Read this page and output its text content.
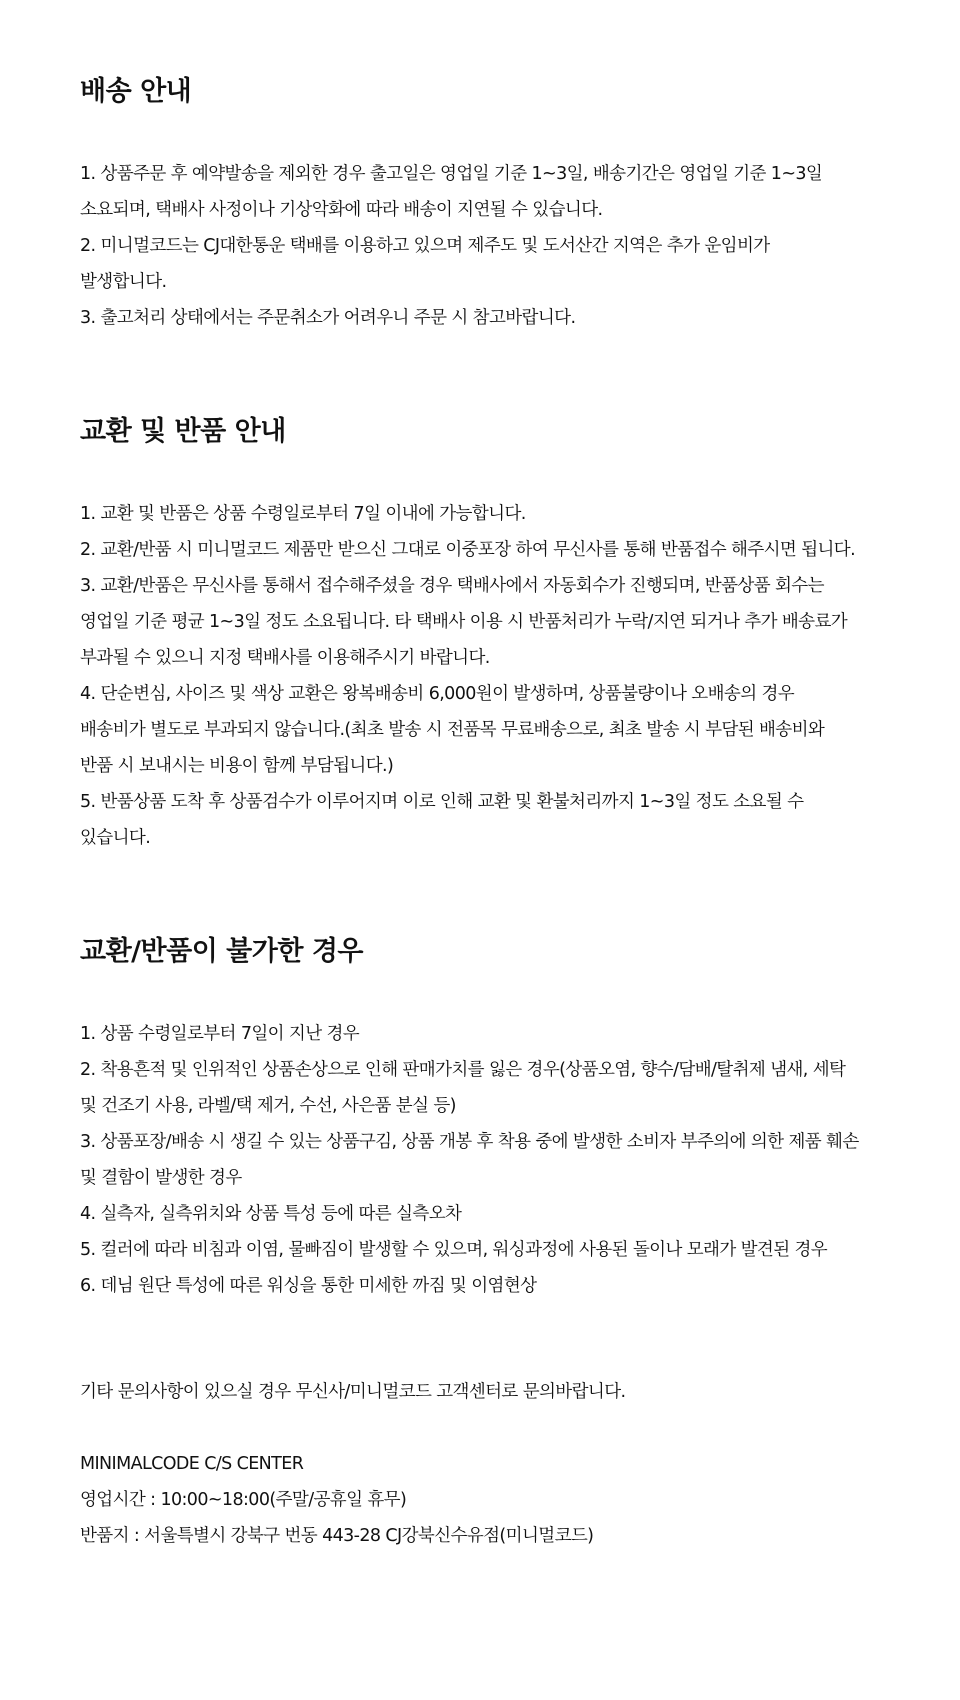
배송 안내

1. 상품주문 후 예약발송을 제외한 경우 출고일은 영업일 기준 1~3일, 배송기간은 영업일 기준 1~3일

소요되며, 택배사 사정이나 기상악화에 따라 배송이 지연될 수 있습니다.

2. 미니멀코드는 CJ대한통운 택배를 이용하고 있으며 제주도 및 도서산간 지역은 추가 운임비가

발생합니다.

3. 출고처리 상태에서는 주문취소가 어려우니 주문 시 참고바랍니다.

교환 및 반품 안내

1. 교환 및 반품은 상품 수령일로부터 7일 이내에 가능합니다.

2. 교환/반품 시 미니멀코드 제품만 받으신 그대로 이중포장 하여 무신사를 통해 반품접수 해주시면 됩니다.

3. 교환/반품은 무신사를 통해서 접수해주셨을 경우 택배사에서 자동회수가 진행되며, 반품상품 회수는

영업일 기준 평균 1~3일 정도 소요됩니다. 타 택배사 이용 시 반품처리가 누락/지연 되거나 추가 배송료가

부과될 수 있으니 지정 택배사를 이용해주시기 바랍니다.

4. 단순변심, 사이즈 및 색상 교환은 왕복배송비 6,000원이 발생하며, 상품불량이나 오배송의 경우

배송비가 별도로 부과되지 않습니다.(최초 발송 시 전품목 무료배송으로, 최초 발송 시 부담된 배송비와

반품 시 보내시는 비용이 함께 부담됩니다.)

5. 반품상품 도착 후 상품검수가 이루어지며 이로 인해 교환 및 환불처리까지 1~3일 정도 소요될 수

있습니다.

교환/반품이 불가한 경우

1. 상품 수령일로부터 7일이 지난 경우

2. 착용흔적 및 인위적인 상품손상으로 인해 판매가치를 잃은 경우(상품오염, 향수/담배/탈취제 냄새, 세탁

및 건조기 사용, 라벨/택 제거, 수선, 사은품 분실 등)

3. 상품포장/배송 시 생길 수 있는 상품구김, 상품 개봉 후 착용 중에 발생한 소비자 부주의에 의한 제품 훼손

및 결함이 발생한 경우

4. 실측자, 실측위치와 상품 특성 등에 따른 실측오차

5. 컬러에 따라 비침과 이염, 물빠짐이 발생할 수 있으며, 워싱과정에 사용된 돌이나 모래가 발견된 경우

6. 데님 원단 특성에 따른 워싱을 통한 미세한 까짐 및 이염현상

기타 문의사항이 있으실 경우 무신사/미니멀코드 고객센터로 문의바랍니다.

MINIMALCODE C/S CENTER

영업시간 : 10:00~18:00(주말/공휴일 휴무)

반품지 : 서울특별시 강북구 번동 443-28 CJ강북신수유점(미니멀코드)
